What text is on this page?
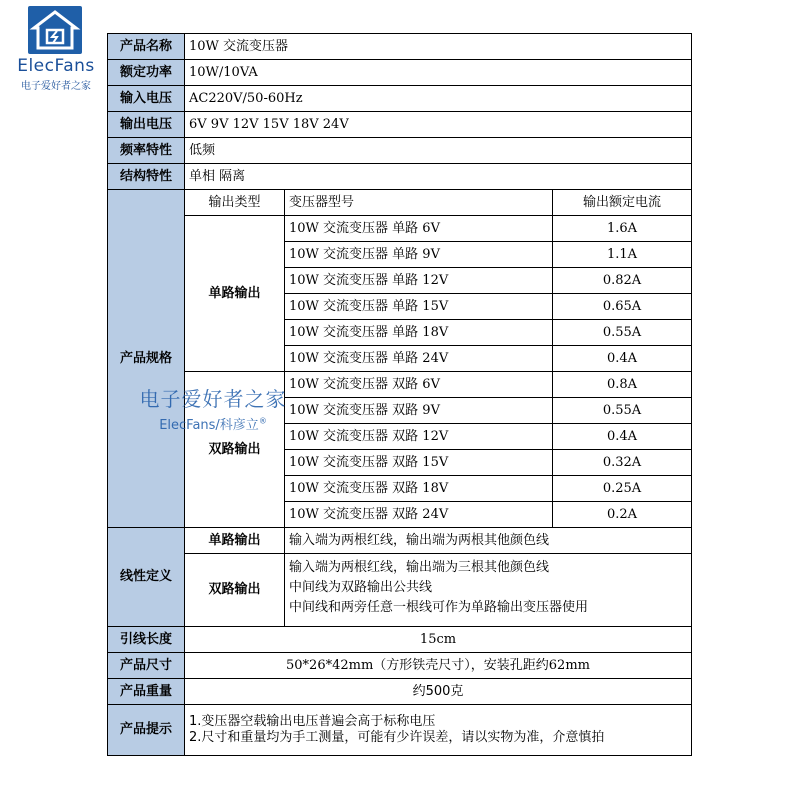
ElecFans
电子爱好者之家
产品名称	10W 交流变压器		
额定功率	10W/10VA		
输入电压	AC220V/50-60Hz		
输出电压	6V 9V 12V 15V 18V 24V		
频率特性	低频		
结构特性	单相 隔离		
产品规格	输出类型	变压器型号	输出额定电流
	单路输出	10W 交流变压器 单路 6V	1.6A
		10W 交流变压器 单路 9V	1.1A
		10W 交流变压器 单路 12V	0.82A
		10W 交流变压器 单路 15V	0.65A
		10W 交流变压器 单路 18V	0.55A
		10W 交流变压器 单路 24V	0.4A
	双路输出	10W 交流变压器 双路 6V	0.8A
		10W 交流变压器 双路 9V	0.55A
		10W 交流变压器 双路 12V	0.4A
		10W 交流变压器 双路 15V	0.32A
		10W 交流变压器 双路 18V	0.25A
		10W 交流变压器 双路 24V	0.2A
线性定义	单路输出	输入端为两根红线，输出端为两根其他颜色线	
	双路输出	输入端为两根红线，输出端为三根其他颜色线
中间线为双路输出公共线
中间线和两旁任意一根线可作为单路输出变压器使用	

引线长度	15cm		
产品尺寸	50*26*42mm（方形铁壳尺寸），安装孔距约62mm		
产品重量	约500克		
产品提示	1.变压器空载输出电压普遍会高于标称电压
2.尺寸和重量均为手工测量，可能有少许误差，请以实物为准，介意慎拍		
电子爱好者之家
ElecFans/科彦立®
